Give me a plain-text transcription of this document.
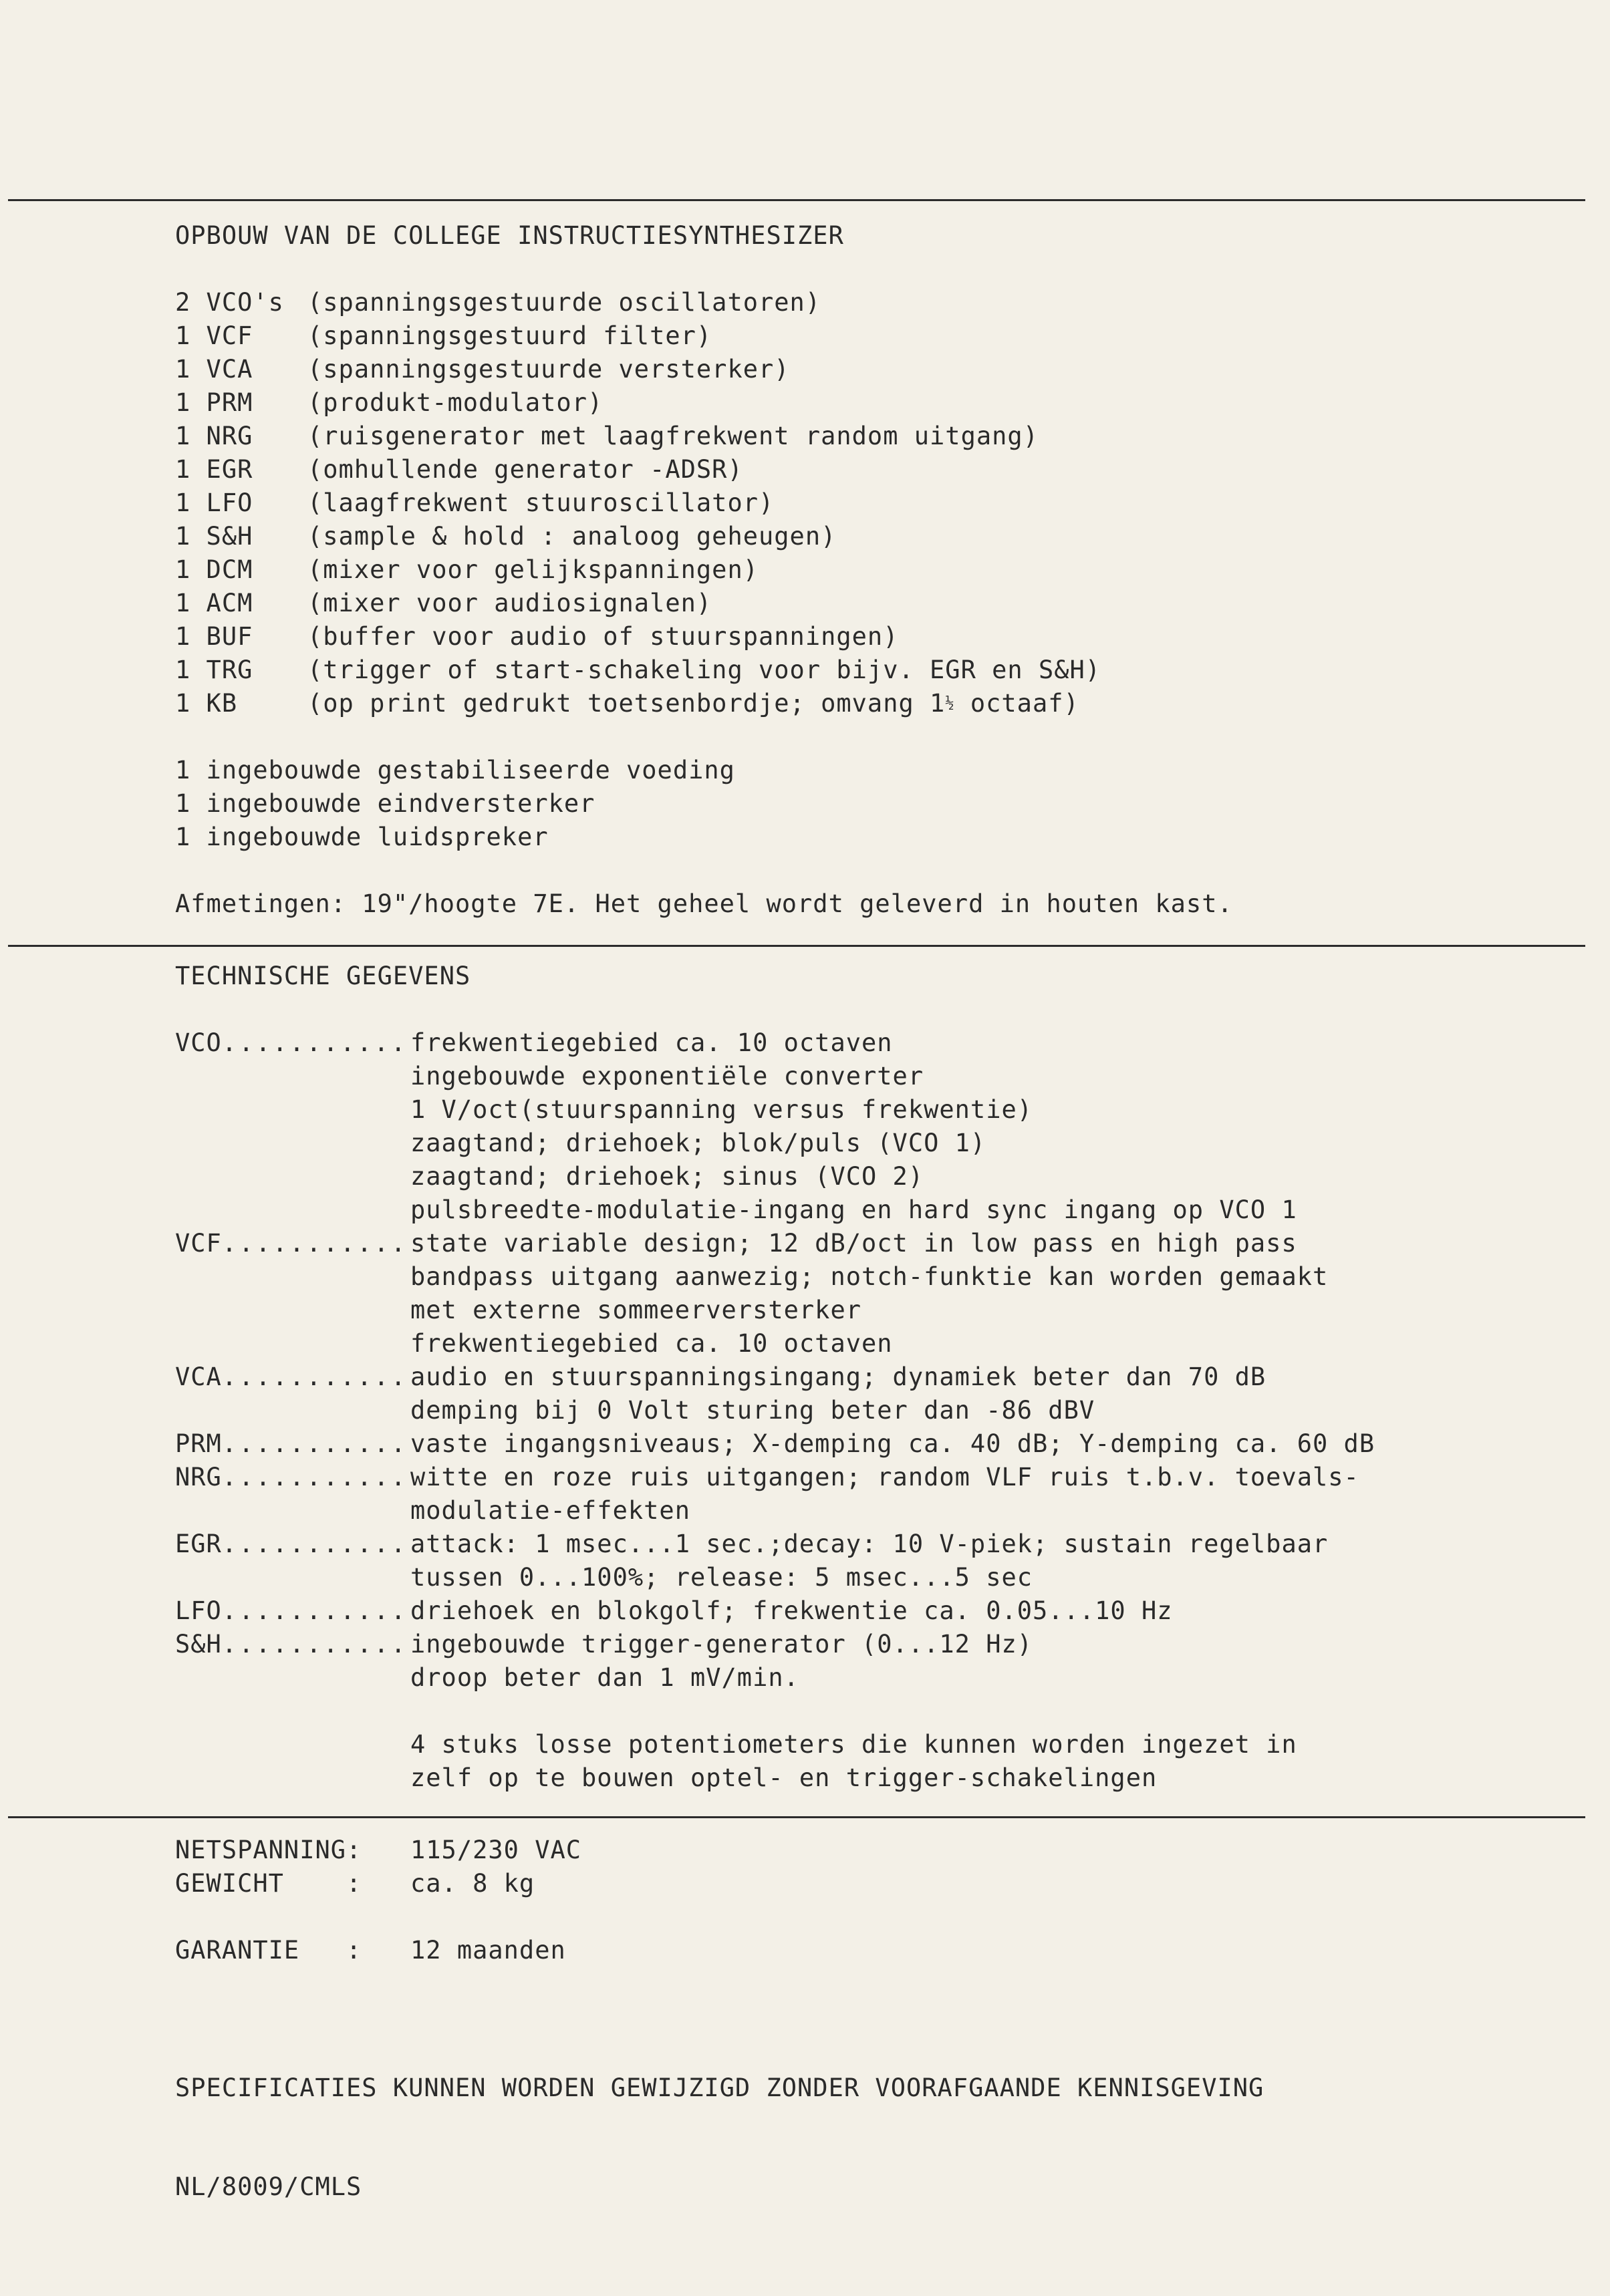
OPBOUW VAN DE COLLEGE INSTRUCTIESYNTHESIZER
2 VCO's (spanningsgestuurde oscillatoren)
1 VCF (spanningsgestuurd filter)
1 VCA (spanningsgestuurde versterker)
1 PRM (produkt-modulator)
1 NRG (ruisgenerator met laagfrekwent random uitgang)
1 EGR (omhullende generator -ADSR)
1 LFO (laagfrekwent stuuroscillator)
1 S&H (sample & hold : analoog geheugen)
1 DCM (mixer voor gelijkspanningen)
1 ACM (mixer voor audiosignalen)
1 BUF (buffer voor audio of stuurspanningen)
1 TRG (trigger of start-schakeling voor bijv. EGR en S&H)
1 KB	(op print gedrukt toetsenbordje; omvang 1½ octaaf)
1 ingebouwde gestabiliseerde voeding
1 ingebouwde eindversterker
1 ingebouwde luidspreker
Afmetingen: 19"/hoogte 7E. Het geheel wordt geleverd in houten kast.
TECHNISCHE GEGEVENS
VCO........... frekwentiegebied ca. 10 octaven
ingebouwde exponentiële converter
1 V/oct(stuurspanning versus frekwentie)
zaagtand; driehoek; blok/puls (VCO 1)
zaagtand; driehoek; sinus (VCO 2)
pulsbreedte-modulatie-ingang en hard sync ingang op VCO 1
VCF........... state variable design; 12 dB/oct in low pass en high pass
bandpass uitgang aanwezig; notch-funktie kan worden gemaakt
met externe sommeerversterker
frekwentiegebied ca. 10 octaven
VCA........... audio en stuurspanningsingang; dynamiek beter dan 70 dB
demping bij 0 Volt sturing beter dan -86 dBV
PRM........... vaste ingangsniveaus; X-demping ca. 40 dB; Y-demping ca. 60 dB
NRG........... witte en roze ruis uitgangen; random VLF ruis t.b.v. toevals-
modulatie-effekten
EGR........... attack: 1 msec...1 sec.;decay: 10 V-piek; sustain regelbaar
tussen 0...100%; release: 5 msec...5 sec
LFO........... driehoek en blokgolf; frekwentie ca. 0.05...10 Hz
S&H........... ingebouwde trigger-generator (0...12 Hz)
droop beter dan 1 mV/min.
4 stuks losse potentiometers die kunnen worden ingezet in
zelf op te bouwen optel- en trigger-schakelingen
NETSPANNING:	115/230 VAC
GEWICHT    :	ca. 8 kg
GARANTIE   :	12 maanden
SPECIFICATIES KUNNEN WORDEN GEWIJZIGD ZONDER VOORAFGAANDE KENNISGEVING
NL/8009/CMLS
